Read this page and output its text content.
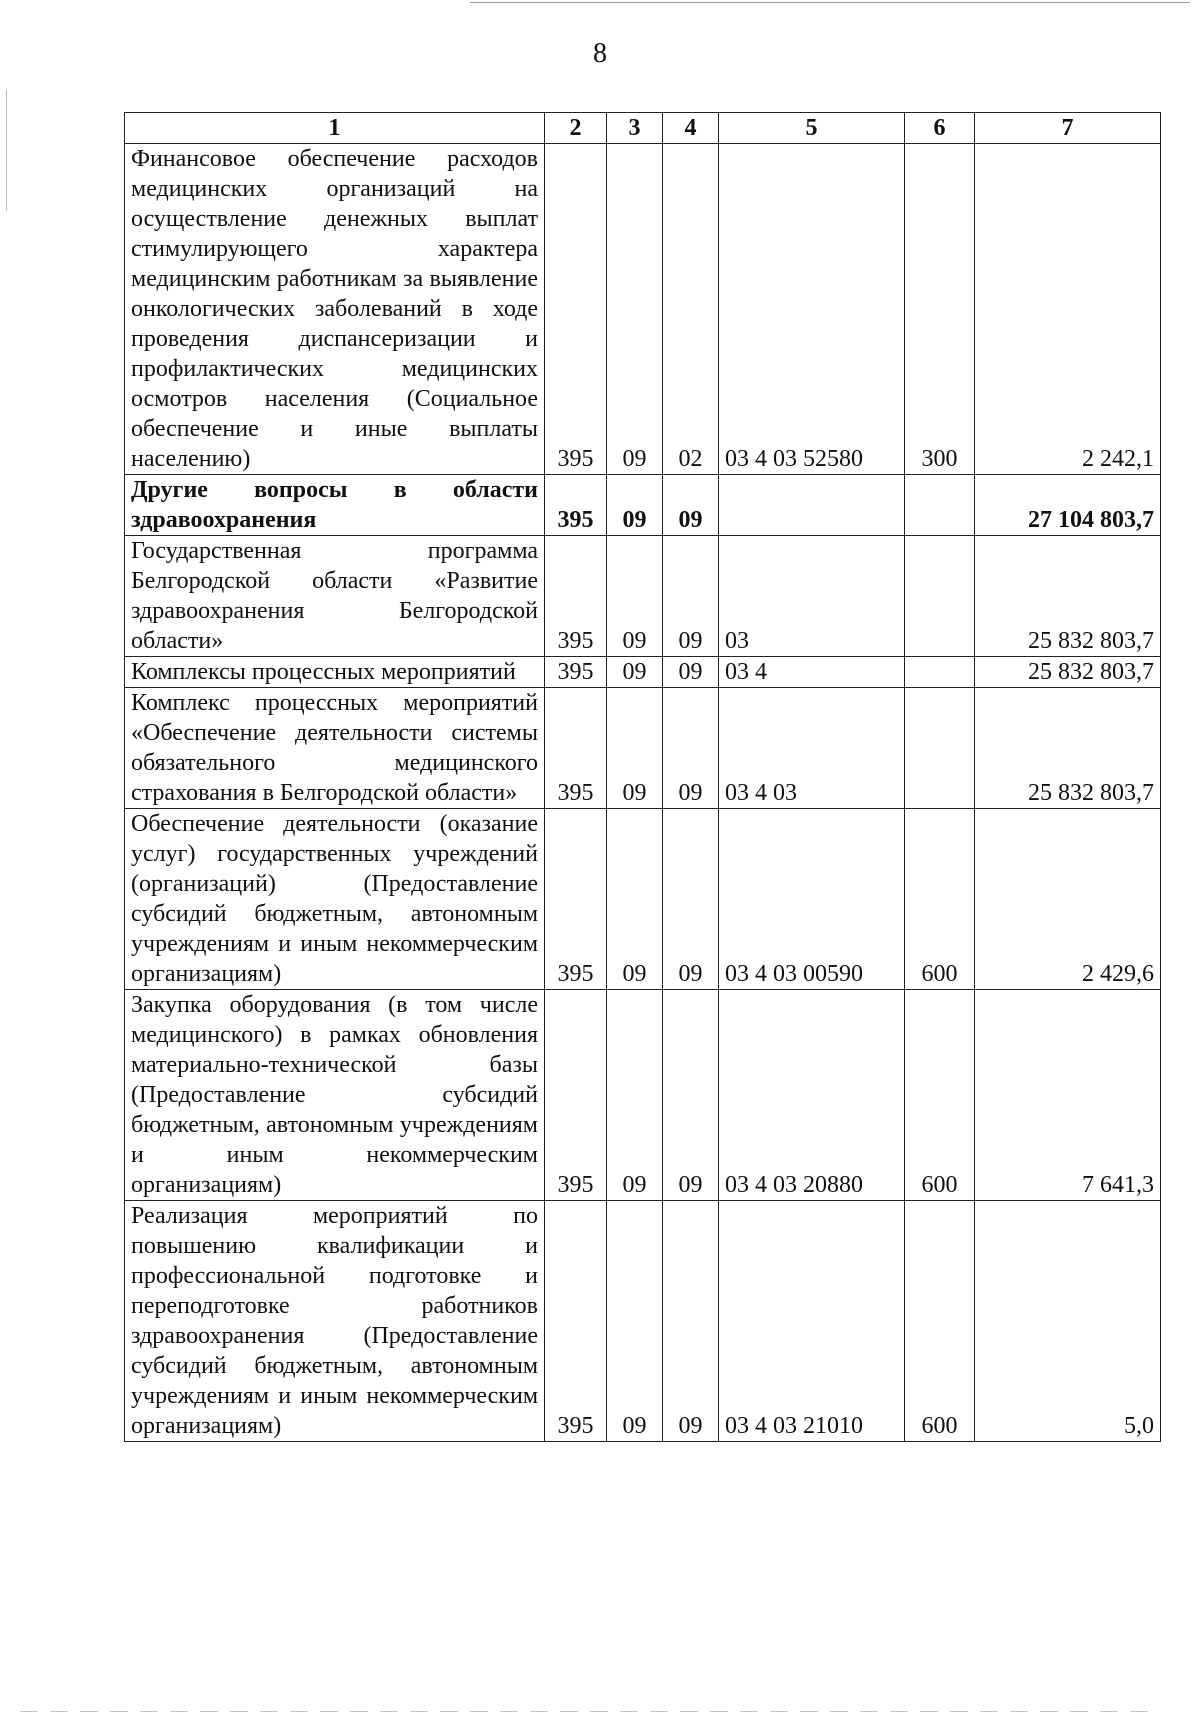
8
1	2	3	4	5	6	7
Финансовое обеспечение расходов медицинских организаций на осуществление денежных выплат стимулирующего характера медицинским работникам за выявление онкологических заболеваний в ходе проведения диспансеризации и профилактических медицинских осмотров населения (Социальное обеспечение и иные выплаты населению)	395	09	02	03 4 03 52580	300	2 242,1
Другие вопросы в области здравоохранения	395	09	09			27 104 803,7
Государственная программа Белгородской области «Развитие здравоохранения Белгородской области»	395	09	09	03		25 832 803,7
Комплексы процессных мероприятий	395	09	09	03 4		25 832 803,7
Комплекс процессных мероприятий «Обеспечение деятельности системы обязательного медицинского страхования в Белгородской области»	395	09	09	03 4 03		25 832 803,7
Обеспечение деятельности (оказание услуг) государственных учреждений (организаций) (Предоставление субсидий бюджетным, автономным учреждениям и иным некоммерческим организациям)	395	09	09	03 4 03 00590	600	2 429,6
Закупка оборудования (в том числе медицинского) в рамках обновления материально-технической базы (Предоставление субсидий бюджетным, автономным учреждениям и иным некоммерческим организациям)	395	09	09	03 4 03 20880	600	7 641,3
Реализация мероприятий по повышению квалификации и профессиональной подготовке и переподготовке работников здравоохранения (Предоставление субсидий бюджетным, автономным учреждениям и иным некоммерческим организациям)	395	09	09	03 4 03 21010	600	5,0
